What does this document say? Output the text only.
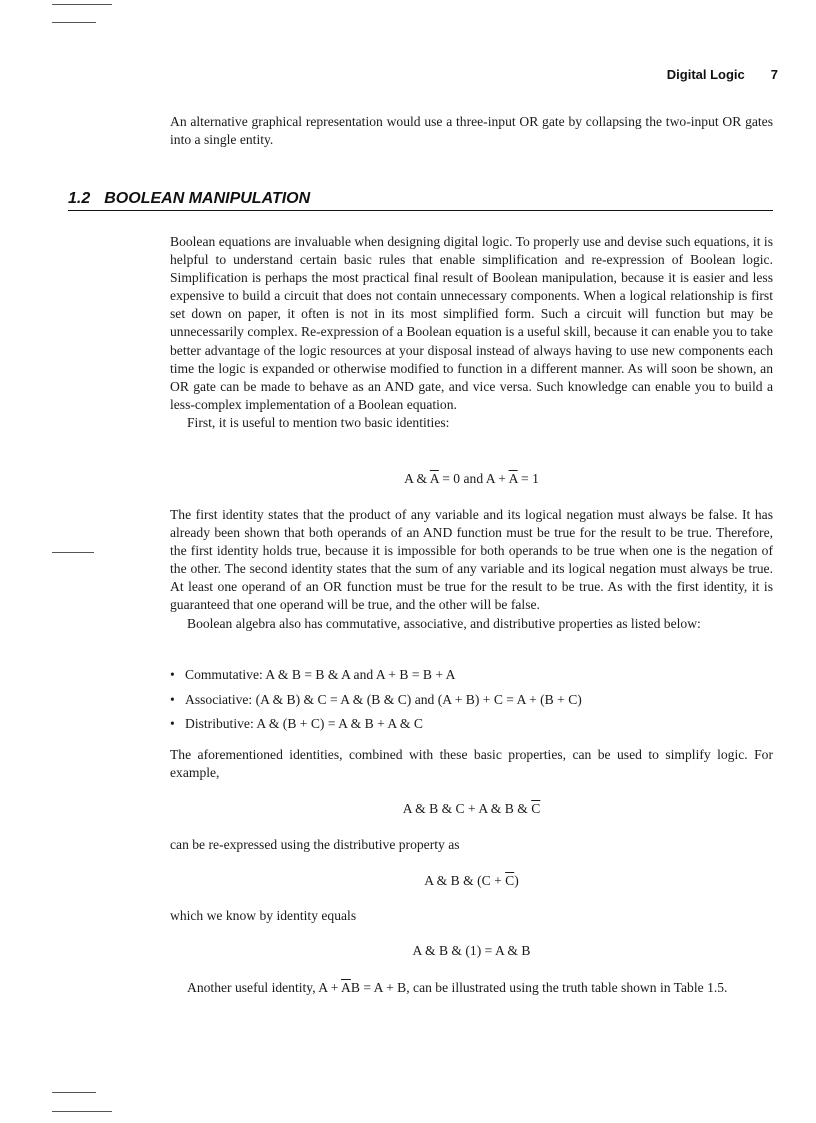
Digital Logic 7

An alternative graphical representation would use a three-input OR gate by collapsing the two-input OR gates into a single entity.

1.2 BOOLEAN MANIPULATION

Boolean equations are invaluable when designing digital logic. To properly use and devise such equations, it is helpful to understand certain basic rules that enable simplification and re-expression of Boolean logic. Simplification is perhaps the most practical final result of Boolean manipulation, because it is easier and less expensive to build a circuit that does not contain unnecessary components. When a logical relationship is first set down on paper, it often is not in its most simplified form. Such a circuit will function but may be unnecessarily complex. Re-expression of a Boolean equation is a useful skill, because it can enable you to take better advantage of the logic resources at your disposal instead of always having to use new components each time the logic is expanded or otherwise modified to function in a different manner. As will soon be shown, an OR gate can be made to behave as an AND gate, and vice versa. Such knowledge can enable you to build a less-complex implementation of a Boolean equation.

First, it is useful to mention two basic identities:

A & $\overline{A} = 0$ and $A + \overline{A} = 1$

The first identity states that the product of any variable and its logical negation must always be false. It has already been shown that both operands of an AND function must be true for the result to be true. Therefore, the first identity holds true, because it is impossible for both operands to be true when one is the negation of the other. The second identity states that the sum of any variable and its logical negation must always be true. At least one operand of an OR function must be true for the result to be true. As with the first identity, it is guaranteed that one operand will be true, and the other will be false.

Boolean algebra also has commutative, associative, and distributive properties as listed below:

• Commutative: A & B = B & A and A + B = B + A
• Associative: (A & B) & C = A & (B & C) and (A + B) + C = A + (B + C)
• Distributive: A & (B + C) = A & B + A & C

The aforementioned identities, combined with these basic properties, can be used to simplify logic. For example,

A & B & C + A & B & $\overline{C}$

can be re-expressed using the distributive property as

A & B & $(C + \overline{C})$

which we know by identity equals

A & B & (1) = A & B

Another useful identity, $A + \overline{A}B = A + B$, can be illustrated using the truth table shown in Table 1.5.
